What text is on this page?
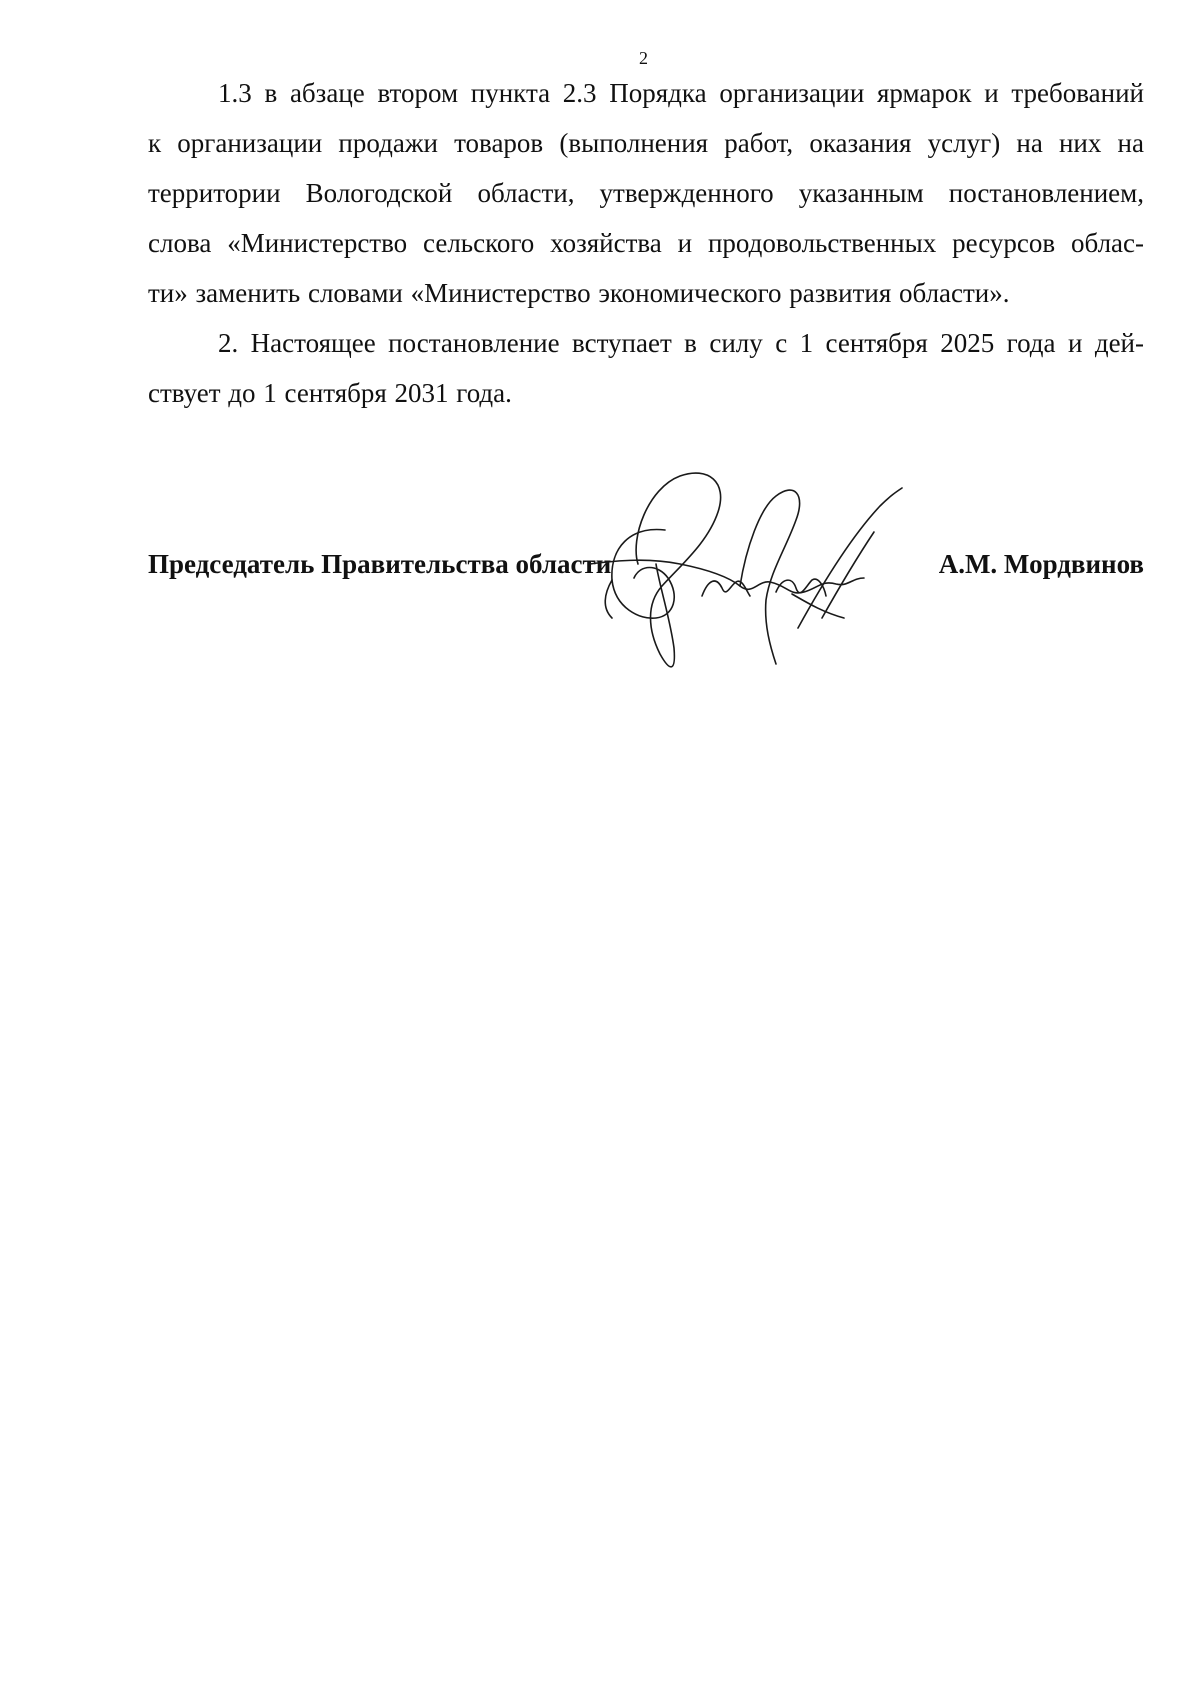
2

1.3 в абзаце втором пункта 2.3 Порядка организации ярмарок и требований
к организации продажи товаров (выполнения работ, оказания услуг) на них на
территории Вологодской области, утвержденного указанным постановлением,
слова «Министерство сельского хозяйства и продовольственных ресурсов облас-
ти» заменить словами «Министерство экономического развития области».

2. Настоящее постановление вступает в силу с 1 сентября 2025 года и дей-
ствует до 1 сентября 2031 года.

Председатель Правительства области	А.М. Мордвинов
